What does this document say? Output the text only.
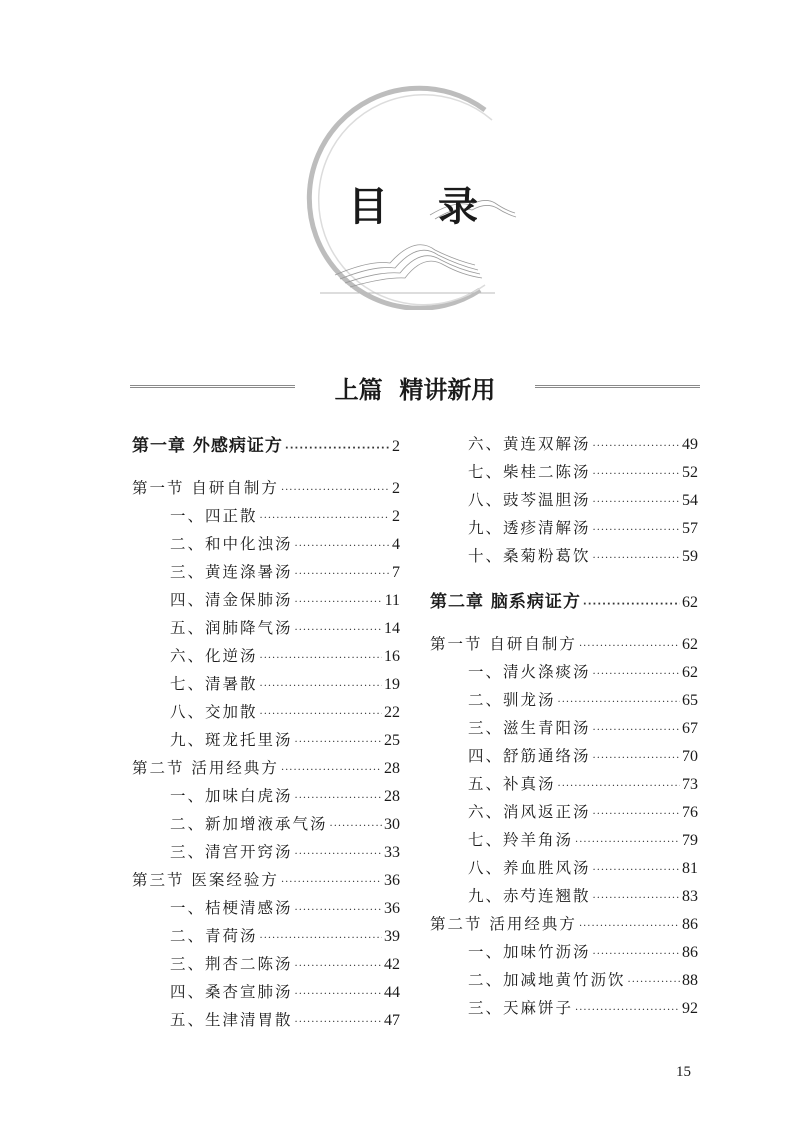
目 录
上篇  精讲新用
第一章 外感病证方 ·····	2
第一节 自研自制方 ·····	2
一、四正散 ·····	2
二、和中化浊汤 ·····	4
三、黄连涤暑汤 ·····	7
四、清金保肺汤 ·····	11
五、润肺降气汤 ·····	14
六、化逆汤 ·····	16
七、清暑散 ·····	19
八、交加散 ·····	22
九、斑龙托里汤 ·····	25
第二节 活用经典方 ·····	28
一、加味白虎汤 ·····	28
二、新加增液承气汤 ·····	30
三、清宫开窍汤 ·····	33
第三节 医案经验方 ·····	36
一、桔梗清感汤 ·····	36
二、青荷汤 ·····	39
三、荆杏二陈汤 ·····	42
四、桑杏宣肺汤 ·····	44
五、生津清胃散 ·····	47
六、黄连双解汤 ·····	49
七、柴桂二陈汤 ·····	52
八、豉芩温胆汤 ·····	54
九、透疹清解汤 ·····	57
十、桑菊粉葛饮 ·····	59
第二章 脑系病证方 ·····	62
第一节 自研自制方 ·····	62
一、清火涤痰汤 ·····	62
二、驯龙汤 ·····	65
三、滋生青阳汤 ·····	67
四、舒筋通络汤 ·····	70
五、补真汤 ·····	73
六、消风返正汤 ·····	76
七、羚羊角汤 ·····	79
八、养血胜风汤 ·····	81
九、赤芍连翘散 ·····	83
第二节 活用经典方 ·····	86
一、加味竹沥汤 ·····	86
二、加减地黄竹沥饮 ·····	88
三、天麻饼子 ·····	92
15
